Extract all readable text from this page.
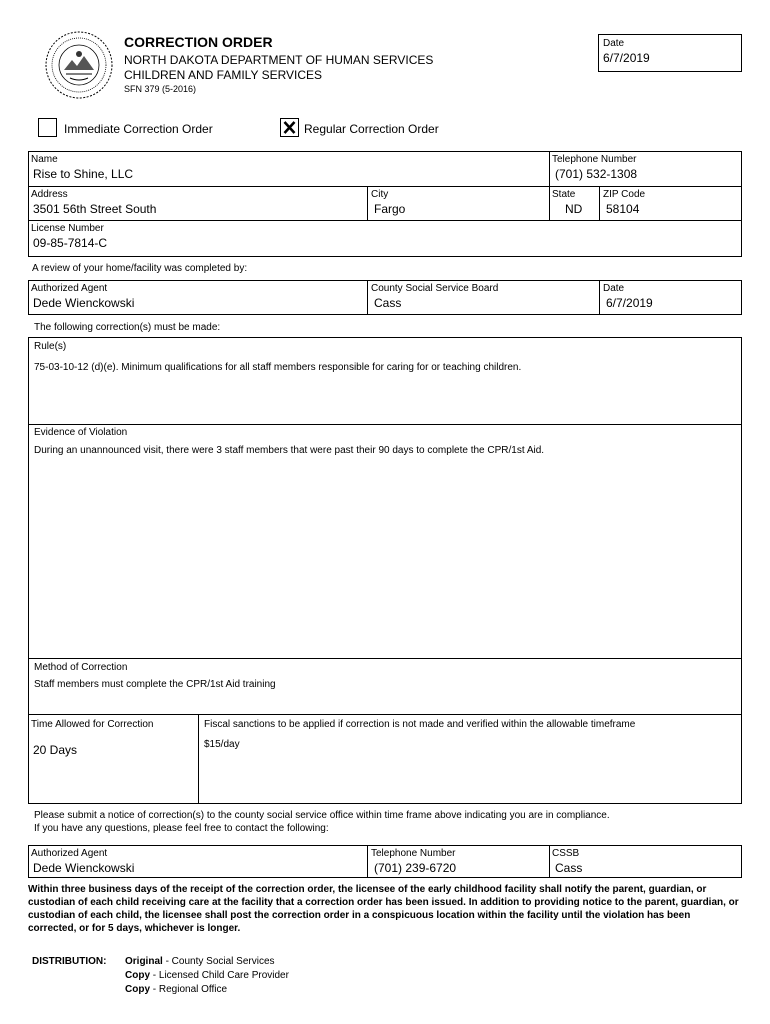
CORRECTION ORDER
NORTH DAKOTA DEPARTMENT OF HUMAN SERVICES
CHILDREN AND FAMILY SERVICES
SFN 379 (5-2016)
Date
6/7/2019
Immediate Correction Order	Regular Correction Order
Name
Rise to Shine, LLC
Telephone Number
(701) 532-1308
Address
3501 56th Street South
City
Fargo
State
ND
ZIP Code
58104
License Number
09-85-7814-C
A review of your home/facility was completed by:
Authorized Agent
Dede Wienckowski
County Social Service Board
Cass
Date
6/7/2019
The following correction(s) must be made:
Rule(s)
75-03-10-12 (d)(e). Minimum qualifications for all staff members responsible for caring for or teaching children.
Evidence of Violation
During an unannounced visit, there were 3 staff members that were past their 90 days to complete the CPR/1st Aid.
Method of Correction
Staff members must complete the CPR/1st Aid training
Time Allowed for Correction
20 Days
Fiscal sanctions to be applied if correction is not made and verified within the allowable timeframe
$15/day
Please submit a notice of correction(s) to the county social service office within time frame above indicating you are in compliance.
If you have any questions, please feel free to contact the following:
Authorized Agent
Dede Wienckowski
Telephone Number
(701) 239-6720
CSSB
Cass
Within three business days of the receipt of the correction order, the licensee of the early childhood facility shall notify the parent, guardian, or custodian of each child receiving care at the facility that a correction order has been issued. In addition to providing notice to the parent, guardian, or custodian of each child, the licensee shall post the correction order in a conspicuous location within the facility until the violation has been corrected, or for 5 days, whichever is longer.
DISTRIBUTION: Original - County Social Services
Copy - Licensed Child Care Provider
Copy - Regional Office
